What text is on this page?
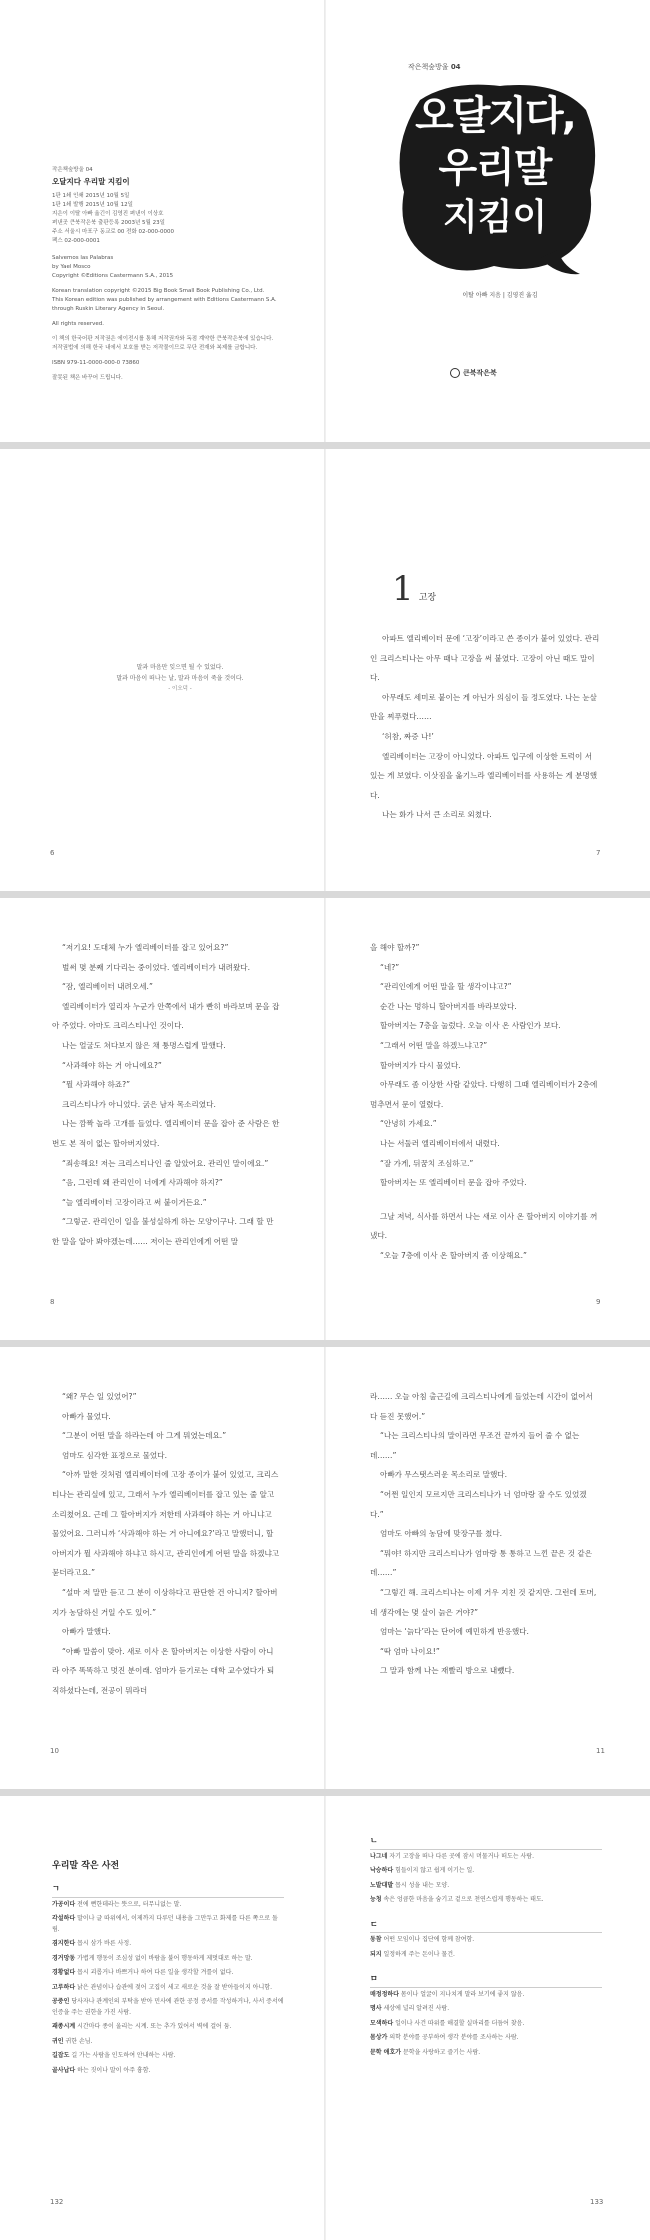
작은책숲방울 04
오달지다 우리말 지킴이
1판 1쇄 인쇄 2015년 10월 5일
1판 1쇄 발행 2015년 10월 12일
지은이 이탈 아빠 옮긴이 김영진 펴낸이 이상호
펴낸곳 큰북작은북 출판등록 2003년 5월 23일
주소 서울시 마포구 동교로 00 전화 02-000-0000
팩스 02-000-0001
Salvemos las Palabras
by Yael Mosco
Copyright ©Editions Castermann S.A., 2015
Korean translation copyright ©2015 Big Book Small Book Publishing Co., Ltd.
This Korean edition was published by arrangement with Editions Castermann S.A.
through Ruskin Literary Agency in Seoul.
All rights reserved.
이 책의 한국어판 저작권은 에이전시를 통해 저작권자와 독점 계약한 큰북작은북에 있습니다.
저작권법에 의해 한국 내에서 보호를 받는 저작물이므로 무단 전재와 복제를 금합니다.
ISBN 979-11-0000-000-0 73860
잘못된 책은 바꾸어 드립니다.
작은책숲방울 04
오달지다,
우리말
지킴이
이탈 아빠 지음 | 김영진 옮김
큰북작은북
말과 마음만 잊으면 될 수 있었다.
말과 마음이 떠나는 날, 말과 마음이 죽을 것이다.
- 이오덕 -
6
1 고장
아파트 엘리베이터 문에 ‘고장’이라고 쓴 종이가 붙어 있었다. 관리인 크리스티나는 아무 때나 고장을 써 붙였다. 고장이 아닌 때도 말이다.
아무래도 세미로 붙이는 게 아닌가 의심이 들 정도였다. 나는 눈살만을 찌푸렸다……
‘허참, 짜증 나!’
엘리베이터는 고장이 아니었다. 아파트 입구에 이상한 트럭이 서 있는 게 보였다. 이삿짐을 옮기느라 엘리베이터를 사용하는 게 분명했다.
나는 화가 나서 큰 소리로 외쳤다.
7
“저기요! 도대체 누가 엘리베이터를 잡고 있어요?”
벌써 몇 분째 기다리는 중이었다. 엘리베이터가 내려왔다.
“잠, 엘리베이터 내려오세.”
엘리베이터가 열리자 누군가 안쪽에서 내가 빤히 바라보며 문을 잡아 주었다. 아마도 크리스티나인 것이다.
나는 얼굴도 쳐다보지 않은 채 퉁명스럽게 말했다.
“사과해야 하는 거 아니에요?”
“뭘 사과해야 하죠?”
크리스티나가 아니었다. 굵은 남자 목소리였다.
나는 깜짝 놀라 고개를 들었다. 엘리베이터 문을 잡아 준 사람은 한 번도 본 적이 없는 할아버지였다.
“죄송해요! 저는 크리스티나인 줄 알았어요. 관리인 말이에요.”
“음, 그런데 왜 관리인이 너에게 사과해야 하지?”
“늘 엘리베이터 고장이라고 써 붙이거든요.”
“그렇군. 관리인이 일을 불성실하게 하는 모양이구나. 그래 할 만한 말을 알아 봐야겠는데…… 저이는 관리인에게 어떤 말
8
을 해야 할까?”
“네?”
“관리인에게 어떤 말을 할 생각이냐고?”
순간 나는 멍하니 할아버지를 바라보았다.
할아버지는 7층을 눌렀다. 오늘 이사 온 사람인가 보다.
“그래서 어떤 말을 하겠느냐고?”
할아버지가 다시 물었다.
아무래도 좀 이상한 사람 같았다. 다행히 그때 엘리베이터가 2층에 멈추면서 문이 열렸다.
“안녕히 가세요.”
나는 서둘러 엘리베이터에서 내렸다.
“잘 가게, 뒤꿈치 조심하고.”
할아버지는 또 엘리베이터 문을 잡아 주었다.
그날 저녁, 식사를 하면서 나는 새로 이사 온 할아버지 이야기를 꺼냈다.
“오늘 7층에 이사 온 할아버지 좀 이상해요.”
9
“왜? 무슨 일 있었어?”
아빠가 물었다.
“그분이 어떤 말을 하라는데 아 그게 뭐였는데요.”
엄마도 심각한 표정으로 물었다.
“아까 말한 것처럼 엘리베이터에 고장 종이가 붙어 있었고, 크리스티나는 관리실에 있고, 그래서 누가 엘리베이터를 잡고 있는 줄 알고 소리쳤어요. 근데 그 할아버지가 저한테 사과해야 하는 거 아니냐고 물었어요. 그러니까 ‘사과해야 하는 거 아니에요?’라고 말했더니, 할아버지가 뭘 사과해야 하냐고 하시고, 관리인에게 어떤 말을 하겠냐고 묻더라고요.”
“설마 저 말만 듣고 그 분이 이상하다고 판단한 건 아니지? 할아버지가 농담하신 거일 수도 있어.”
아빠가 말했다.
“아빠 말씀이 맞아. 새로 이사 온 할아버지는 이상한 사람이 아니라 아주 똑똑하고 멋진 분이래. 엄마가 듣기로는 대학 교수였다가 퇴직하셨다는데, 전공이 뭐라더
10
라…… 오늘 아침 출근길에 크리스티나에게 들었는데 시간이 없어서 다 듣진 못했어.”
“나는 크리스티나의 말이라면 무조건 끝까지 들어 줄 수 없는데……”
아빠가 무스탯스러운 목소리로 말했다.
“어쩐 일인지 모르지만 크리스티나가 너 엄마랑 잘 수도 있었겠다.”
엄마도 아빠의 농담에 맞장구를 쳤다.
“뭐야! 하지만 크리스티나가 엄마랑 통 통하고 느낀 끝은 것 같은데……”
“그렇긴 해. 크리스티나는 이제 거우 지친 것 같지만. 그런데 토머, 네 생각에는 몇 살이 늙은 거야?”
엄마는 ‘늙다’라는 단어에 예민하게 반응했다.
“딱 엄마 나이요!”
그 말과 함께 나는 재빨리 방으로 내뺐다.
11
우리말 작은 사전
ㄱ

가공이다 전에 뻔한데라는 뜻으로, 터무니없는 말.

각설하다 말이나 글 따위에서, 이제까지 다루던 내용을 그만두고 화제를 다른 쪽으로 돌림.

겸지한다 몹시 삼가 바른 사정.

경거망동 가볍게 행동이 조심성 없이 바람을 불어 행동하게 제멋대로 하는 말.

경황없다 몹시 괴롭거나 바쁘거나 하여 다른 일을 생각할 겨를이 없다.

고루하다 낡은 관념이나 습관에 젖어 고집이 세고 새로운 것을 잘 받아들이지 아니함.

공중인 당사자나 관계인의 부탁을 받아 민사에 관한 공정 증서를 작성하거나, 사서 증서에 인증을 주는 권한을 가진 사람.

괘종시계 시간마다 종이 울리는 시계. 또는 추가 있어서 벽에 걸어 둠.

귀인 귀한 손님.

길잡도 길 가는 사람을 인도하여 안내하는 사람.

골사납다 하는 짓이나 말이 아주 흉함.

132
ㄴ

나그네 자기 고장을 떠나 다른 곳에 잠시 머물거나 떠도는 사람.

낙승하다 힘들이지 않고 쉽게 이기는 일.

노발대발 몹시 성을 내는 모양.

능청 속은 엉큼한 마음을 숨기고 겉으로 천연스럽게 행동하는 태도.

ㄷ

동참 어떤 모임이나 집단에 함께 참여함.

되지 일정하게 주는 돈이나 물건.

ㅁ

매정정하다 몸이나 얼굴이 지나치게 말라 보기에 좋지 않음.

명사 세상에 널리 알려진 사람.

모색하다 일이나 사건 따위를 해결할 실마리를 더듬어 찾음.

몸상가 의학 분야를 공부하여 생각 분야를 조사하는 사람.

문학 애호가 문학을 사랑하고 즐기는 사람.

133
